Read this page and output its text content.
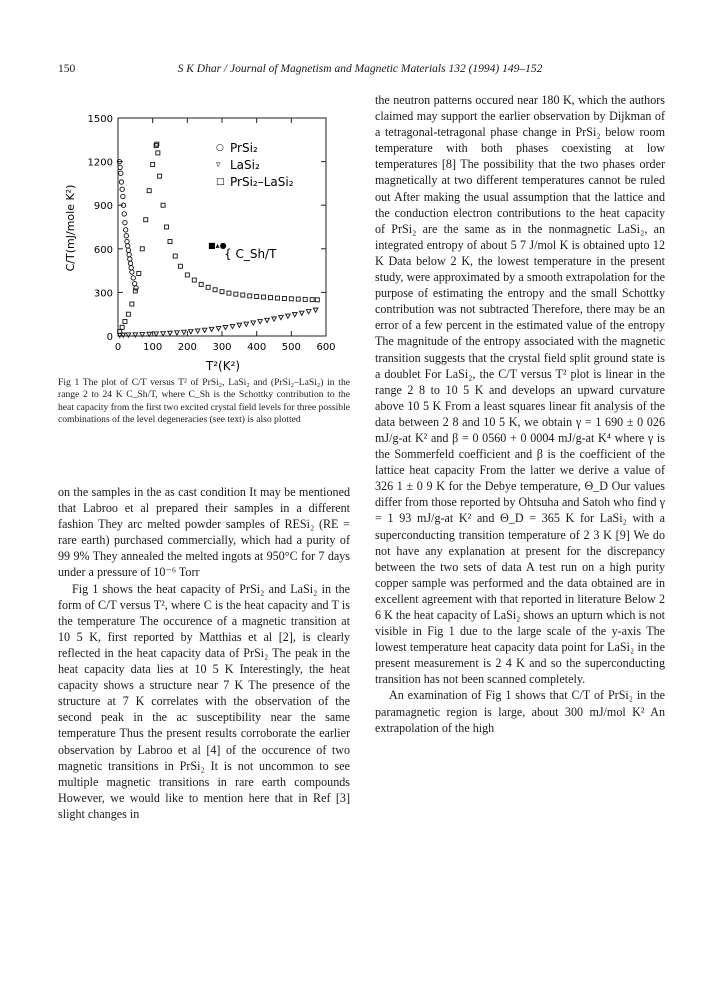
150	S K Dhar / Journal of Magnetism and Magnetic Materials 132 (1994) 149–152
0 100 200 300 400 500 600
0
300
600
900
1200
1500
C/T(mJ/mole K²)
T²(K²)
○ PrSi₂
▿ LaSi₂
□ PrSi₂–LaSi₂
■▴●
{ C_Sh/T
Fig 1 The plot of C/T versus T² of PrSi₂, LaSi₂ and (PrSi₂–LaSi₂) in the range 2 to 24 K C_Sh/T, where C_Sh is the Schottky contribution to the heat capacity from the first two excited crystal field levels for three possible combinations of the level degeneracies (see text) is also plotted

on the samples in the as cast condition It may be mentioned that Labroo et al prepared their samples in a different fashion They arc melted powder samples of RESi₂ (RE = rare earth) purchased commercially, which had a purity of 99 9% They annealed the melted ingots at 950°C for 7 days under a pressure of 10⁻⁶ Torr

Fig 1 shows the heat capacity of PrSi₂ and LaSi₂ in the form of C/T versus T², where C is the heat capacity and T is the temperature The occurence of a magnetic transition at 10 5 K, first reported by Matthias et al [2], is clearly reflected in the heat capacity data of PrSi₂ The peak in the heat capacity data lies at 10 5 K Interestingly, the heat capacity shows a structure near 7 K The presence of the structure at 7 K correlates with the observation of the second peak in the ac susceptibility near the same temperature Thus the present results corroborate the earlier observation by Labroo et al [4] of the occurence of two magnetic transitions in PrSi₂ It is not uncommon to see multiple magnetic transitions in rare earth compounds However, we would like to mention here that in Ref [3] slight changes in

the neutron patterns occured near 180 K, which the authors claimed may support the earlier observation by Dijkman of a tetragonal-tetragonal phase change in PrSi₂ below room temperature with both phases coexisting at low temperatures [8] The possibility that the two phases order magnetically at two different temperatures cannot be ruled out After making the usual assumption that the lattice and the conduction electron contributions to the heat capacity of PrSi₂ are the same as in the nonmagnetic LaSi₂, an integrated entropy of about 5 7 J/mol K is obtained upto 12 K Data below 2 K, the lowest temperature in the present study, were approximated by a smooth extrapolation for the purpose of estimating the entropy and the small Schottky contribution was not subtracted Therefore, there may be an error of a few percent in the estimated value of the entropy The magnitude of the entropy associated with the magnetic transition suggests that the crystal field split ground state is a doublet For LaSi₂, the C/T versus T² plot is linear in the range 2 8 to 10 5 K and develops an upward curvature above 10 5 K From a least squares linear fit analysis of the data between 2 8 and 10 5 K, we obtain γ = 1 690 ± 0 026 mJ/g-at K² and β = 0 0560 + 0 0004 mJ/g-at K⁴ where γ is the Sommerfeld coefficient and β is the coefficient of the lattice heat capacity From the latter we derive a value of 326 1 ± 0 9 K for the Debye temperature, Θ_D Our values differ from those reported by Ohtsuha and Satoh who find γ = 1 93 mJ/g-at K² and Θ_D = 365 K for LaSi₂ with a superconducting transition temperature of 2 3 K [9] We do not have any explanation at present for the discrepancy between the two sets of data A test run on a high purity copper sample was performed and the data obtained are in excellent agreement with that reported in literature Below 2 6 K the heat capacity of LaSi₂ shows an upturn which is not visible in Fig 1 due to the large scale of the y-axis The lowest temperature heat capacity data point for LaSi₂ in the present measurement is 2 4 K and so the superconducting transition has not been scanned completely.

An examination of Fig 1 shows that C/T of PrSi₂ in the paramagnetic region is large, about 300 mJ/mol K² An extrapolation of the high
